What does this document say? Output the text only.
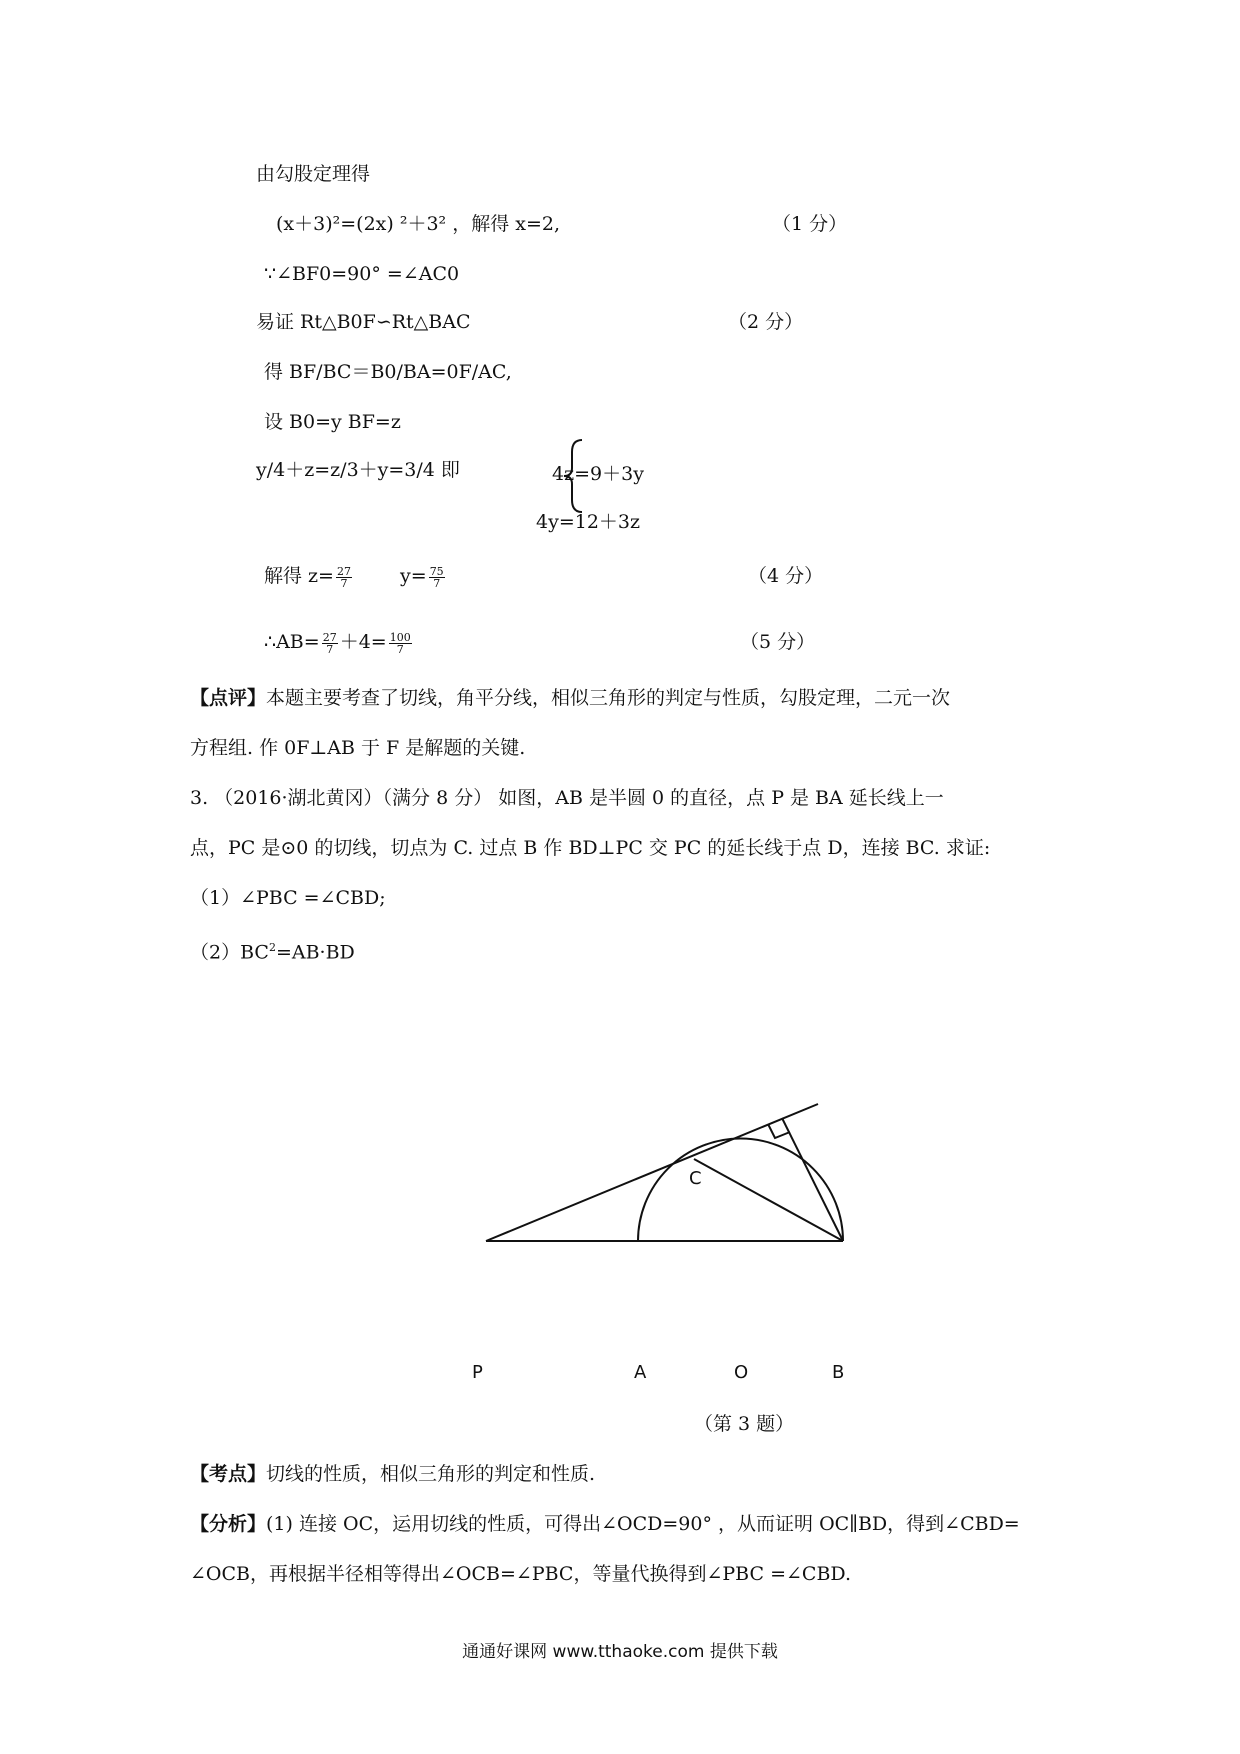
由勾股定理得
(x＋3)²=(2x) ²＋3² ，解得 x=2,	（1 分）
∵∠BF0=90° =∠AC0
易证 Rt△B0F∽Rt△BAC	（2 分）
得 BF/BC＝B0/BA=0F/AC,
设 B0=y BF=z
y/4＋z=z/3＋y=3/4 即	4z=9＋3y
4y=12＋3z
解得 $z= \frac{27}{7}$	$y= \frac{75}{7}$	（4 分）
∴AB= $\frac{27}{7} +4= \frac{100}{7}$	（5 分）
【点评】本题主要考查了切线，角平分线，相似三角形的判定与性质，勾股定理，二元一次
方程组. 作 0F⊥AB 于 F 是解题的关键.
3. （2016·湖北黄冈）（满分 8 分） 如图，AB 是半圆 0 的直径，点 P 是 BA 延长线上一
点，PC 是⊙0 的切线，切点为 C. 过点 B 作 BD⊥PC 交 PC 的延长线于点 D，连接 BC. 求证:
（1）∠PBC =∠CBD;
$(2)BC^2=AB\cdot BD$
C
P	A	O	B
（第 3 题）
【考点】切线的性质，相似三角形的判定和性质.
【分析】(1) 连接 OC，运用切线的性质，可得出∠OCD=90° ，从而证明 OC∥BD，得到∠CBD=
∠OCB，再根据半径相等得出∠OCB=∠PBC，等量代换得到∠PBC =∠CBD.
通通好课网 www.tthaoke.com 提供下载
